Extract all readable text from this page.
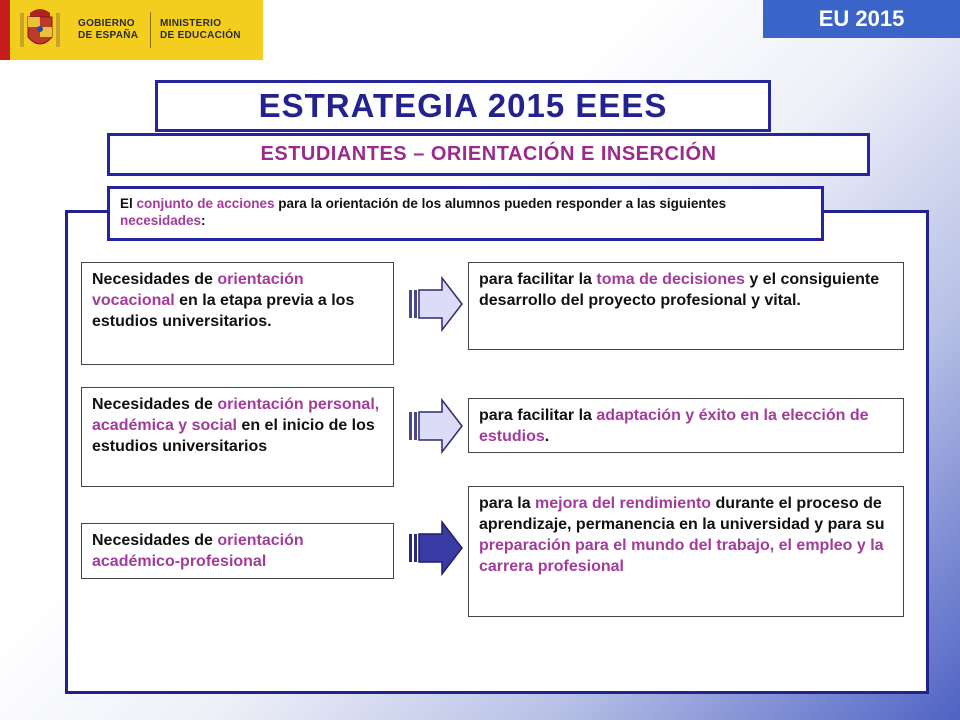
GOBIERNO
DE ESPAÑA
MINISTERIO
DE EDUCACIÓN
EU 2015
ESTRATEGIA 2015 EEES
ESTUDIANTES – ORIENTACIÓN E INSERCIÓN
El conjunto de acciones para la orientación de los alumnos pueden responder a las siguientes necesidades:
Necesidades de orientación vocacional en la etapa previa a los estudios universitarios.
para facilitar la toma de decisiones y el consiguiente desarrollo del proyecto profesional y vital.
Necesidades de orientación personal, académica y social en el inicio de los estudios universitarios
para facilitar la adaptación y éxito en la elección de estudios.
Necesidades de orientación académico-profesional
para la mejora del rendimiento durante el proceso de aprendizaje, permanencia en la universidad y para su preparación para el mundo del trabajo, el empleo y la carrera profesional
